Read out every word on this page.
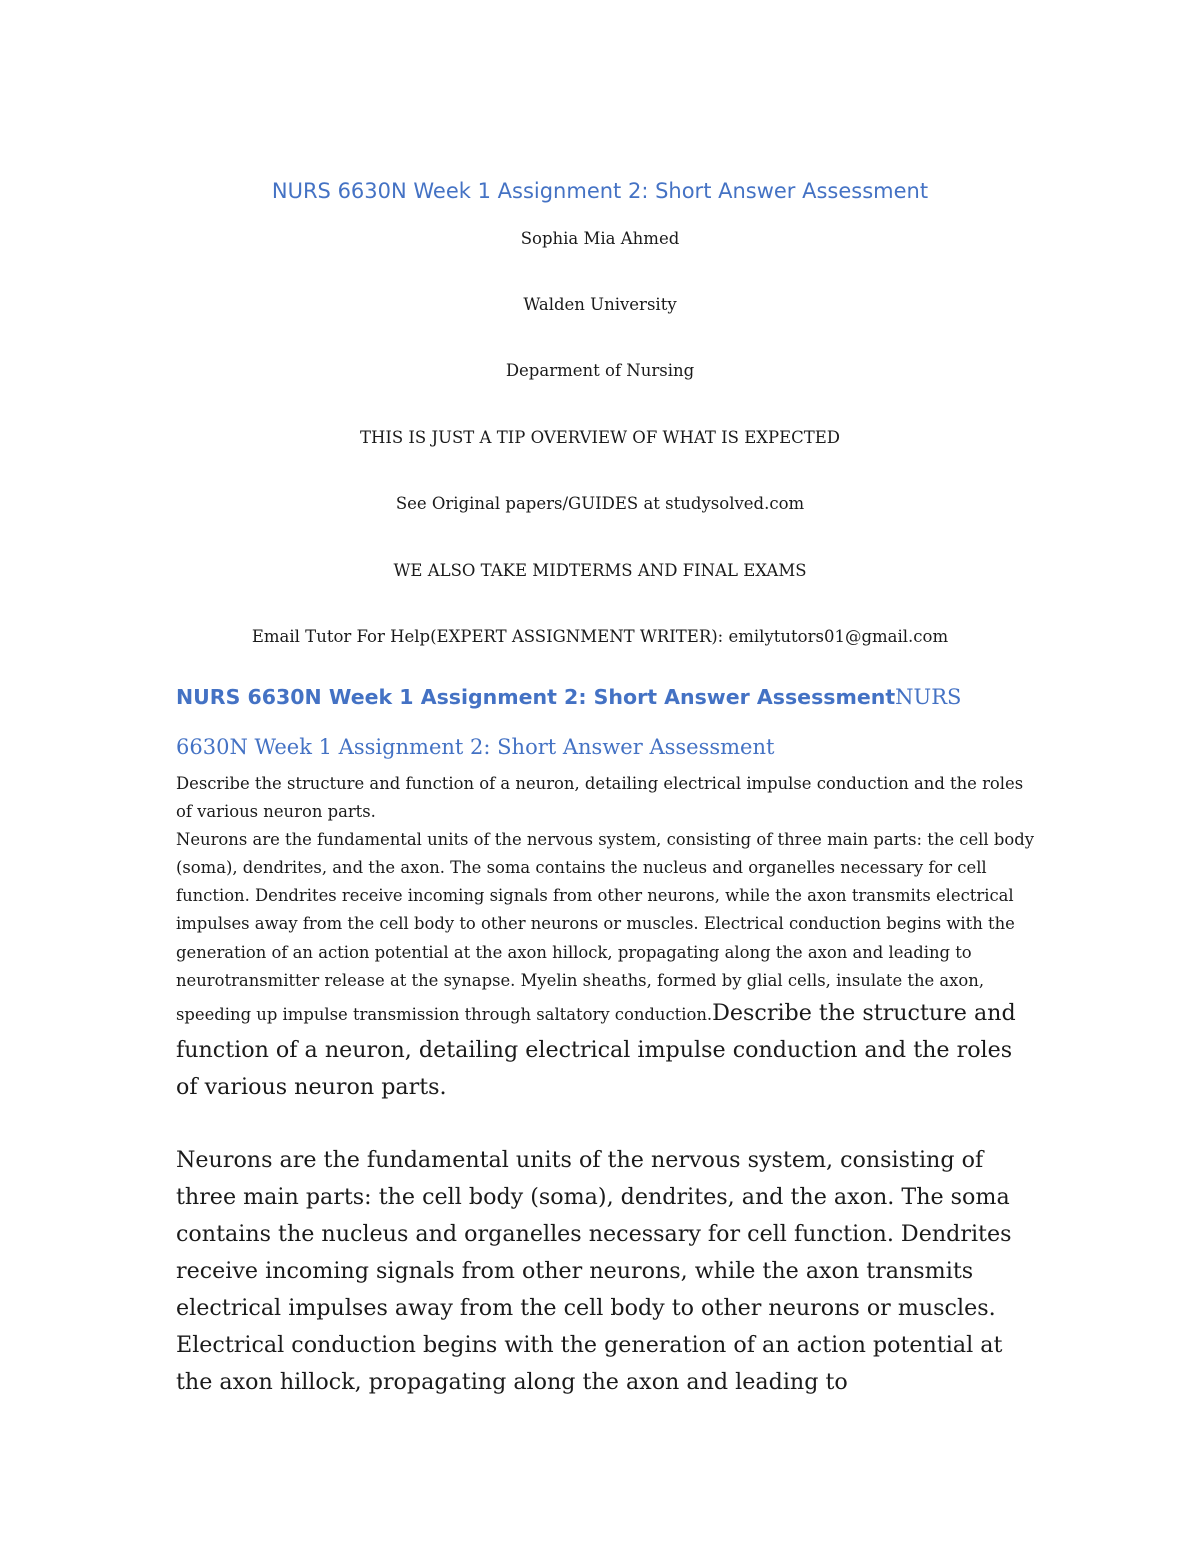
NURS 6630N Week 1 Assignment 2: Short Answer Assessment
Sophia Mia Ahmed
Walden University
Deparment of Nursing
THIS IS JUST A TIP OVERVIEW OF WHAT IS EXPECTED
See Original papers/GUIDES at studysolved.com
WE ALSO TAKE MIDTERMS AND FINAL EXAMS
Email Tutor For Help(EXPERT ASSIGNMENT WRITER): emilytutors01@gmail.com
NURS 6630N Week 1 Assignment 2: Short Answer AssessmentNURS 6630N Week 1 Assignment 2: Short Answer Assessment

Describe the structure and function of a neuron, detailing electrical impulse conduction and the roles of various neuron parts.

Neurons are the fundamental units of the nervous system, consisting of three main parts: the cell body (soma), dendrites, and the axon. The soma contains the nucleus and organelles necessary for cell function. Dendrites receive incoming signals from other neurons, while the axon transmits electrical impulses away from the cell body to other neurons or muscles. Electrical conduction begins with the generation of an action potential at the axon hillock, propagating along the axon and leading to neurotransmitter release at the synapse. Myelin sheaths, formed by glial cells, insulate the axon, speeding up impulse transmission through saltatory conduction.Describe the structure and function of a neuron, detailing electrical impulse conduction and the roles of various neuron parts.

Neurons are the fundamental units of the nervous system, consisting of three main parts: the cell body (soma), dendrites, and the axon. The soma contains the nucleus and organelles necessary for cell function. Dendrites receive incoming signals from other neurons, while the axon transmits electrical impulses away from the cell body to other neurons or muscles. Electrical conduction begins with the generation of an action potential at the axon hillock, propagating along the axon and leading to
